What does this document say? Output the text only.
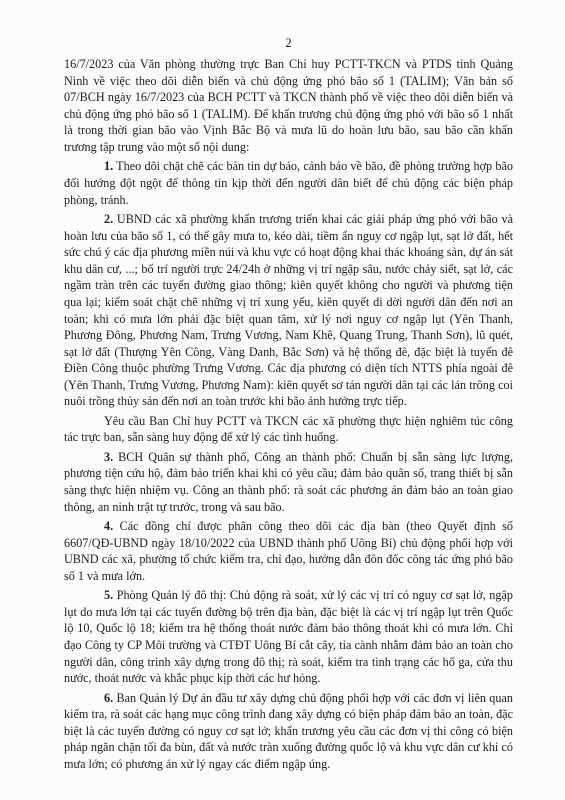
2

16/7/2023 của Văn phòng thường trực Ban Chỉ huy PCTT-TKCN và PTDS tỉnh Quảng Ninh về việc theo dõi diễn biến và chủ động ứng phó bão số 1 (TALIM); Văn bản số 07/BCH ngày 16/7/2023 của BCH PCTT và TKCN thành phố về việc theo dõi diễn biến và chủ động ứng phó bão số 1 (TALIM). Để khẩn trương chủ động ứng phó với bão số 1 nhất là trong thời gian bão vào Vịnh Bắc Bộ và mưa lũ do hoàn lưu bão, sau bão cần khẩn trương tập trung vào một số nội dung:

1. Theo dõi chặt chẽ các bản tin dự báo, cảnh báo về bão, đề phòng trường hợp bão đổi hướng đột ngột để thông tin kịp thời đến người dân biết để chủ động các biện pháp phòng, tránh.

2. UBND các xã phường khẩn trương triển khai các giải pháp ứng phó với bão và hoàn lưu của bão số 1, có thể gây mưa to, kéo dài, tiềm ẩn nguy cơ ngập lụt, sạt lở đất, hết sức chú ý các địa phương miền núi và khu vực có hoạt động khai thác khoáng sản, dự án sát khu dân cư, ...; bố trí người trực 24/24h ở những vị trí ngập sâu, nước chảy siết, sạt lở, các ngầm tràn trên các tuyến đường giao thông; kiên quyết không cho người và phương tiện qua lại; kiểm soát chặt chẽ những vị trí xung yếu, kiên quyết di dời người dân đến nơi an toàn; khi có mưa lớn phải đặc biệt quan tâm, xử lý nơi nguy cơ ngập lụt (Yên Thanh, Phương Đông, Phương Nam, Trưng Vương, Nam Khê, Quang Trung, Thanh Sơn), lũ quét, sạt lở đất (Thượng Yên Công, Vàng Danh, Bắc Sơn) và hệ thống đê, đặc biệt là tuyến đê Điền Công thuộc phường Trưng Vương. Các địa phương có diện tích NTTS phía ngoài đê (Yên Thanh, Trưng Vương, Phương Nam): kiên quyết sơ tán người dân tại các lán trông coi nuôi trồng thủy sản đến nơi an toàn trước khi bão ảnh hưởng trực tiếp.

Yêu cầu Ban Chỉ huy PCTT và TKCN các xã phường thực hiện nghiêm túc công tác trực ban, sẵn sàng huy động để xử lý các tình huống.

3. BCH Quân sự thành phố, Công an thành phố: Chuẩn bị sẵn sàng lực lượng, phương tiện cứu hộ, đảm bảo triển khai khi có yêu cầu; đảm bảo quân số, trang thiết bị sẵn sàng thực hiện nhiệm vụ. Công an thành phố: rà soát các phương án đảm bảo an toàn giao thông, an ninh trật tự trước, trong và sau bão.

4. Các đồng chí được phân công theo dõi các địa bàn (theo Quyết định số 6607/QĐ-UBND ngày 18/10/2022 của UBND thành phố Uông Bí) chủ động phối hợp với UBND các xã, phường tổ chức kiểm tra, chỉ đạo, hướng dẫn đôn đốc công tác ứng phó bão số 1 và mưa lớn.

5. Phòng Quản lý đô thị: Chủ động rà soát, xử lý các vị trí có nguy cơ sạt lở, ngập lụt do mưa lớn tại các tuyến đường bộ trên địa bàn, đặc biệt là các vị trí ngập lụt trên Quốc lộ 10, Quốc lộ 18; kiểm tra hệ thống thoát nước đảm bảo thông thoát khi có mưa lớn. Chỉ đạo Công ty CP Môi trường và CTĐT Uông Bí cắt cây, tỉa cành nhằm đảm bảo an toàn cho người dân, công trình xây dựng trong đô thị; rà soát, kiểm tra tình trạng các hố ga, cửa thu nước, thoát nước và khắc phục kịp thời các hư hỏng.

6. Ban Quản lý Dự án đầu tư xây dựng chủ động phối hợp với các đơn vị liên quan kiểm tra, rà soát các hạng mục công trình đang xây dựng có biện pháp đảm bảo an toàn, đặc biệt là các tuyến đường có nguy cơ sạt lở; khẩn trương yêu cầu các đơn vị thi công có biện pháp ngăn chặn tối đa bùn, đất và nước tràn xuống đường quốc lộ và khu vực dân cư khi có mưa lớn; có phương án xử lý ngay các điểm ngập úng.
